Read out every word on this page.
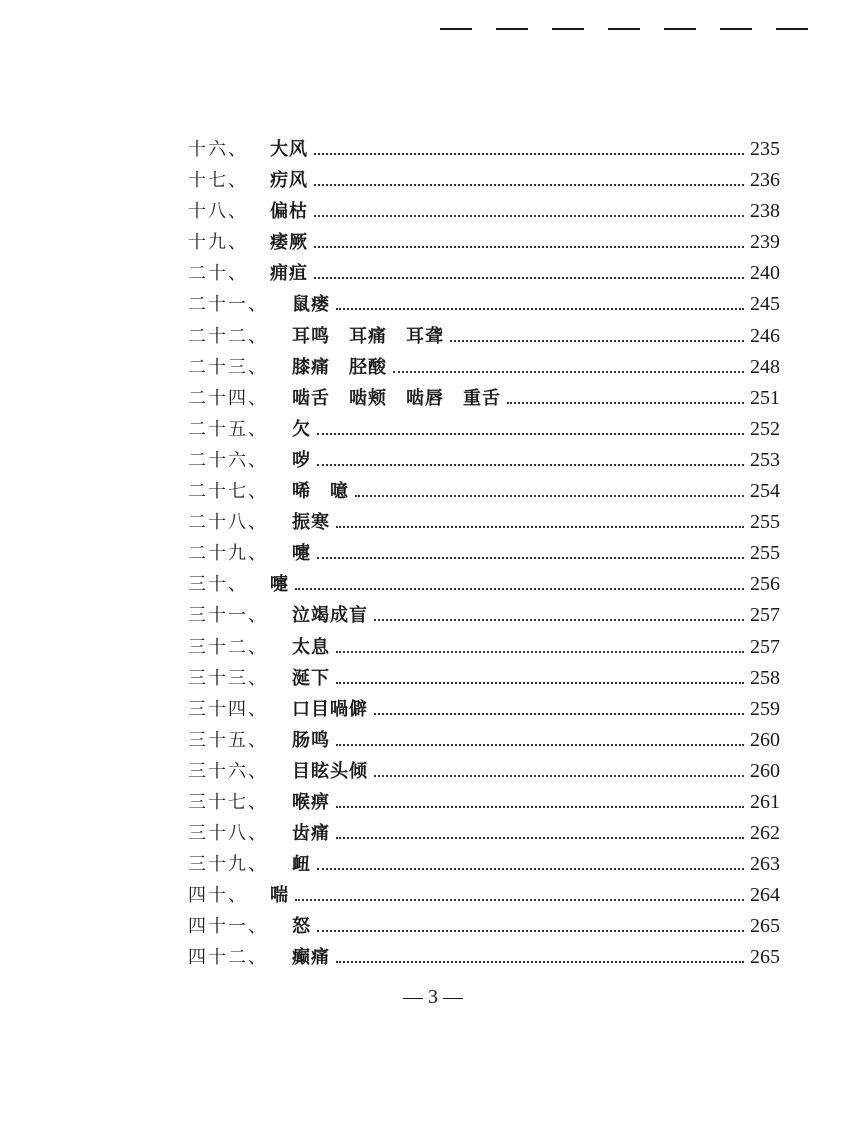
十六、	大风	235
十七、	疠风	236
十八、	偏枯	238
十九、	痿厥	239
二十、	痈疽	240
二十一、	鼠瘘	245
二十二、	耳鸣　耳痛　耳聋	246
二十三、	膝痛　胫酸	248
二十四、	啮舌　啮颊　啮唇　重舌	251
二十五、	欠	252
二十六、	哕	253
二十七、	唏　噫	254
二十八、	振寒	255
二十九、	嚏	255
三十、	嚏	256
三十一、	泣竭成盲	257
三十二、	太息	257
三十三、	涎下	258
三十四、	口目喎僻	259
三十五、	肠鸣	260
三十六、	目眩头倾	260
三十七、	喉痹	261
三十八、	齿痛	262
三十九、	衄	263
四十、	喘	264
四十一、	怒	265
四十二、	癫痛	265
— 3 —
